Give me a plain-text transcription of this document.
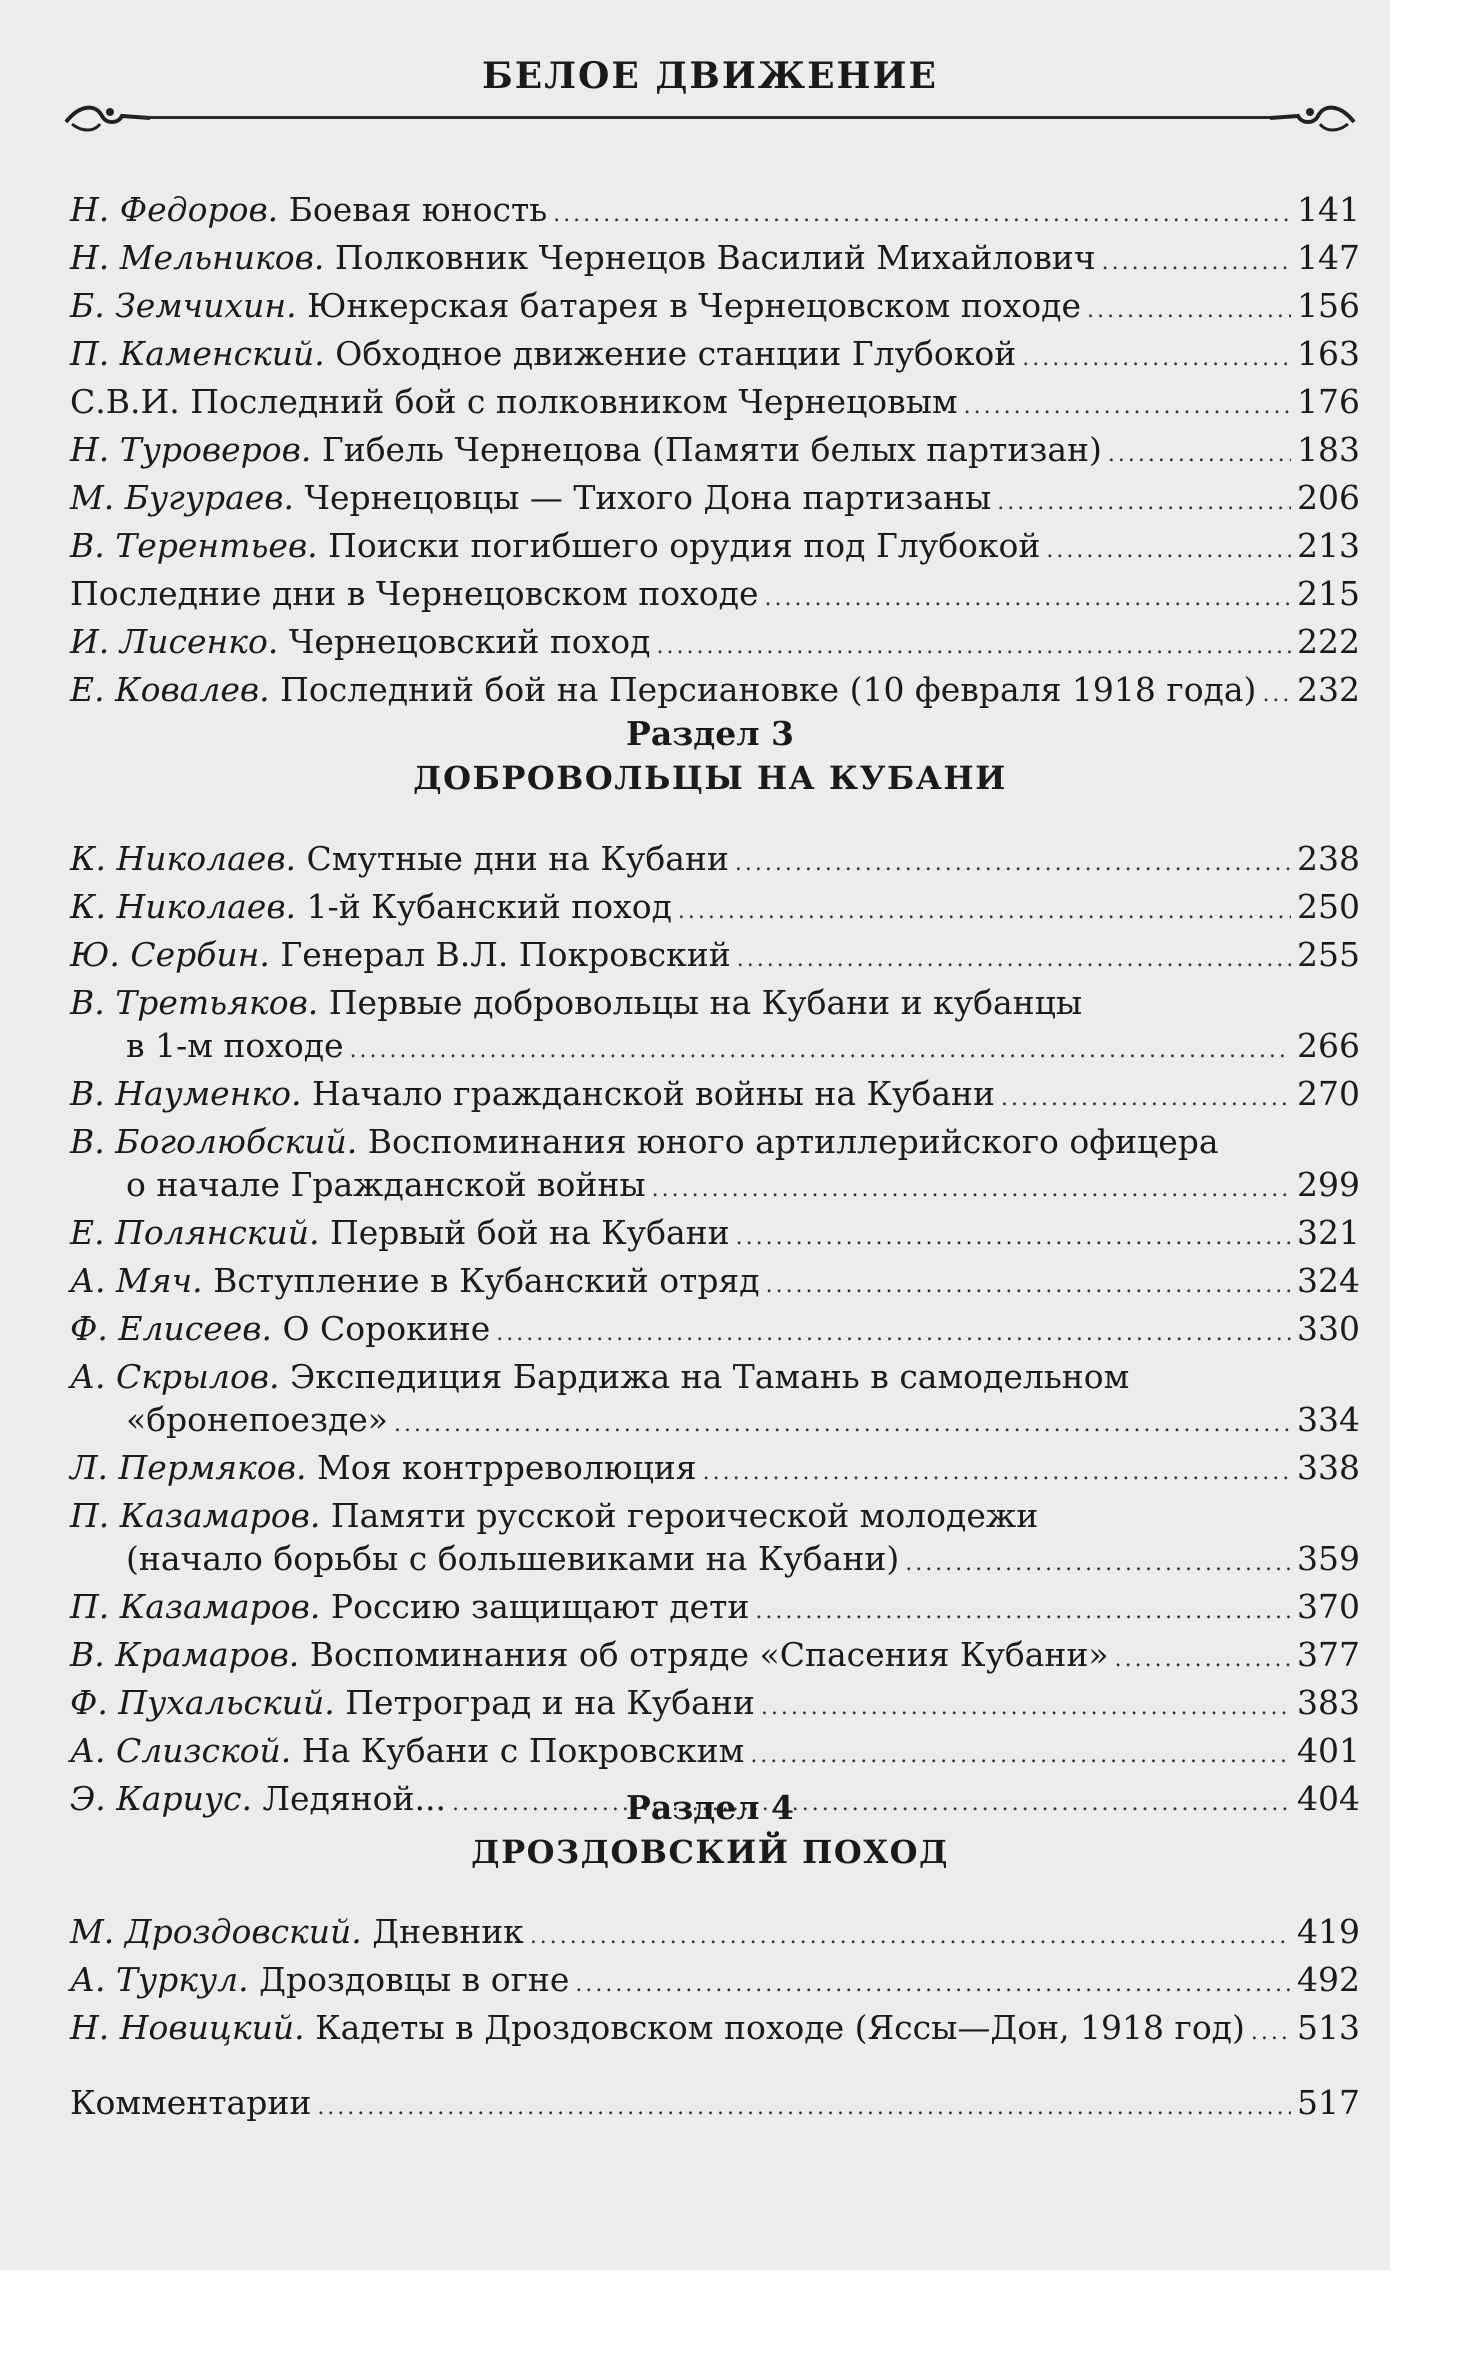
БЕЛОЕ ДВИЖЕНИЕ
Н. Федоров.
Боевая юность .....	141
Н. Мельников.
Полковник Чернецов Василий Михайлович .....	147
Б. Земчихин.
Юнкерская батарея в Чернецовском походе .....	156
П. Каменский.
Обходное движение станции Глубокой .....	163
С.В.И. Последний бой с полковником Чернецовым .....	176
Н. Туроверов.
Гибель Чернецова (Памяти белых партизан) .....	183
М. Бугураев.
Чернецовцы — Тихого Дона партизаны .....	206
В. Терентьев.
Поиски погибшего орудия под Глубокой .....	213
Последние дни в Чернецовском походе .....	215
И. Лисенко.
Чернецовский поход .....	222
Е. Ковалев.
Последний бой на Персиановке (10 февраля 1918 года) ..... 232
Раздел 3
ДОБРОВОЛЬЦЫ НА КУБАНИ
К. Николаев.
Смутные дни на Кубани .....	238
К. Николаев.
1-й Кубанский поход .....	250
Ю. Сербин.
Генерал В.Л. Покровский .....	255
В. Третьяков.
Первые добровольцы на Кубани и кубанцы
в 1-м походе .....	266
В. Науменко.
Начало гражданской войны на Кубани .....	270
В. Боголюбский.
Воспоминания юного артиллерийского офицера
о начале Гражданской войны .....	299
Е. Полянский.
Первый бой на Кубани .....	321
А. Мяч.
Вступление в Кубанский отряд .....	324
Ф. Елисеев.
О Сорокине .....	330
А. Скрылов.
Экспедиция Бардижа на Тамань в самодельном
«бронепоезде» .....	334
Л. Пермяков.
Моя контрреволюция .....	338
П. Казамаров.
Памяти русской героической молодежи
(начало борьбы с большевиками на Кубани) .....	359
П. Казамаров.
Россию защищают дети .....	370
В. Крамаров.
Воспоминания об отряде «Спасения Кубани» .....	377
Ф. Пухальский.
Петроград и на Кубани .....	383
А. Слизской.
На Кубани с Покровским .....	401
Э. Кариус.
Ледяной... .....	404
Раздел 4
ДРОЗДОВСКИЙ ПОХОД
М. Дроздовский.
Дневник .....	419
А. Туркул.
Дроздовцы в огне .....	492
Н. Новицкий.
Кадеты в Дроздовском походе (Яссы—Дон, 1918 год) ..... 513
Комментарии .....	517
